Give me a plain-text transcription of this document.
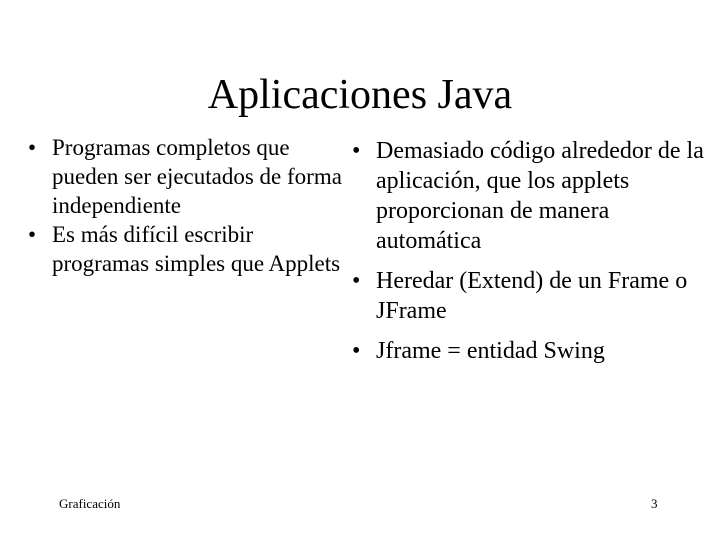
Aplicaciones Java
• Programas completos que pueden ser ejecutados de forma independiente
• Es más difícil escribir programas simples que Applets
• Demasiado código alrededor de la aplicación, que los applets proporcionan de manera automática
• Heredar (Extend) de un Frame o JFrame
• Jframe = entidad Swing
Graficación	3
